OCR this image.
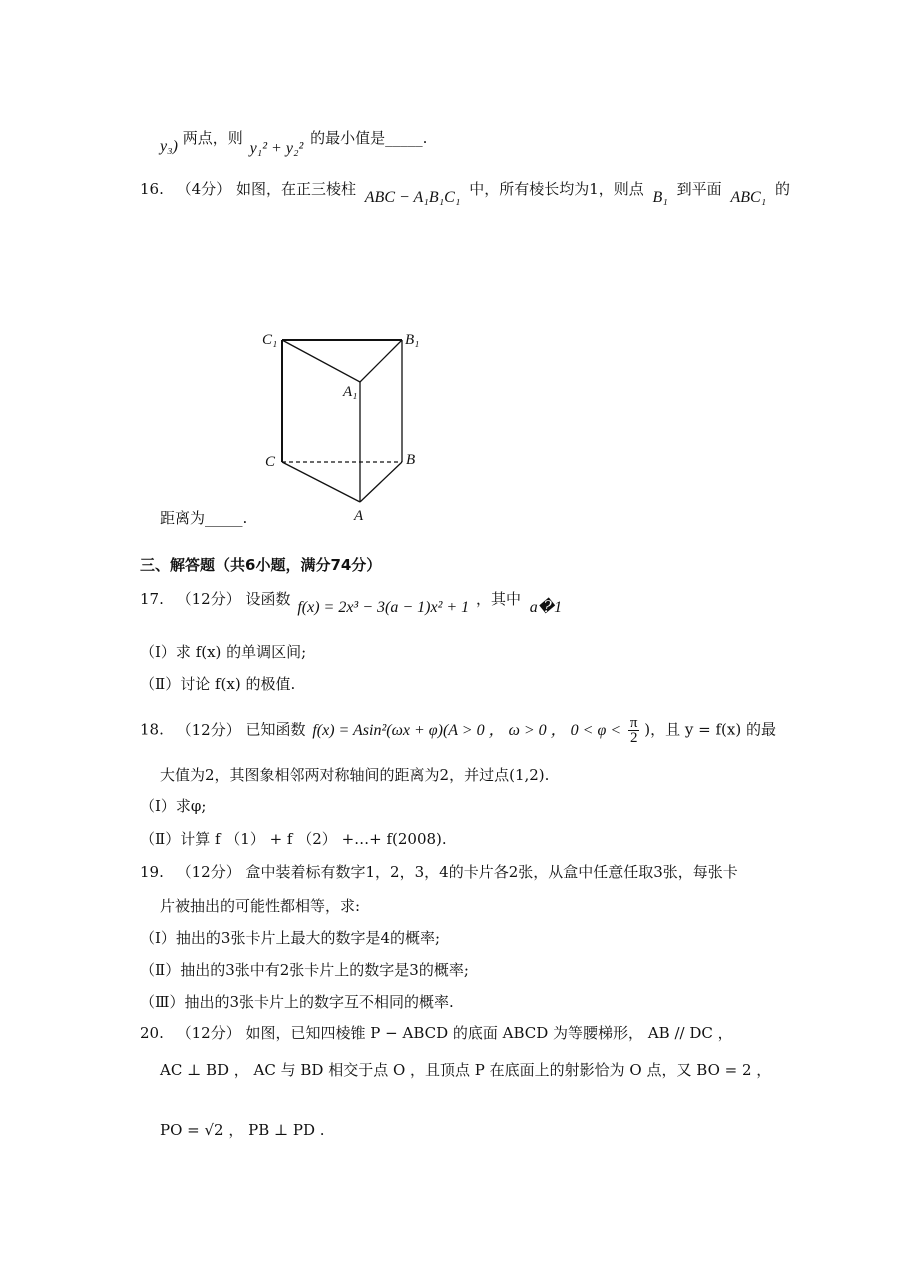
y₃) 两点，则 y₁² + y₂² 的最小值是_____.
16. （4分） 如图，在正三棱柱 ABC − A₁B₁C₁ 中，所有棱长均为1，则点 B₁ 到平面 ABC₁ 的
C₁	B₁
A₁
C	B
A
距离为_____.
三、解答题（共6小题，满分74分）
17. （12分） 设函数 f(x) = 2x³ − 3(a − 1)x² + 1 ，其中 a�1
（Ⅰ）求 f(x) 的单调区间;
（Ⅱ）讨论 f(x) 的极值.
18. （12分） 已知函数 f(x) = Asin²(ωx + φ)(A > 0 ， ω > 0 ， $0 < \varphi < \frac{\pi}{2}$ )，且 y = f(x) 的最
大值为2，其图象相邻两对称轴间的距离为2，并过点(1,2).
（Ⅰ）求φ;
（Ⅱ）计算 f （1） + f （2） +…+ f(2008).
19. （12分） 盒中装着标有数字1，2，3，4的卡片各2张，从盒中任意任取3张，每张卡
片被抽出的可能性都相等，求:
（Ⅰ）抽出的3张卡片上最大的数字是4的概率;
（Ⅱ）抽出的3张中有2张卡片上的数字是3的概率;
（Ⅲ）抽出的3张卡片上的数字互不相同的概率.
20. （12分） 如图，已知四棱锥 P − ABCD 的底面 ABCD 为等腰梯形， AB // DC ，
AC ⊥ BD ， AC 与 BD 相交于点 O ，且顶点 P 在底面上的射影恰为 O 点，又 BO = 2 ，
PO = √2 ， PB ⊥ PD .
